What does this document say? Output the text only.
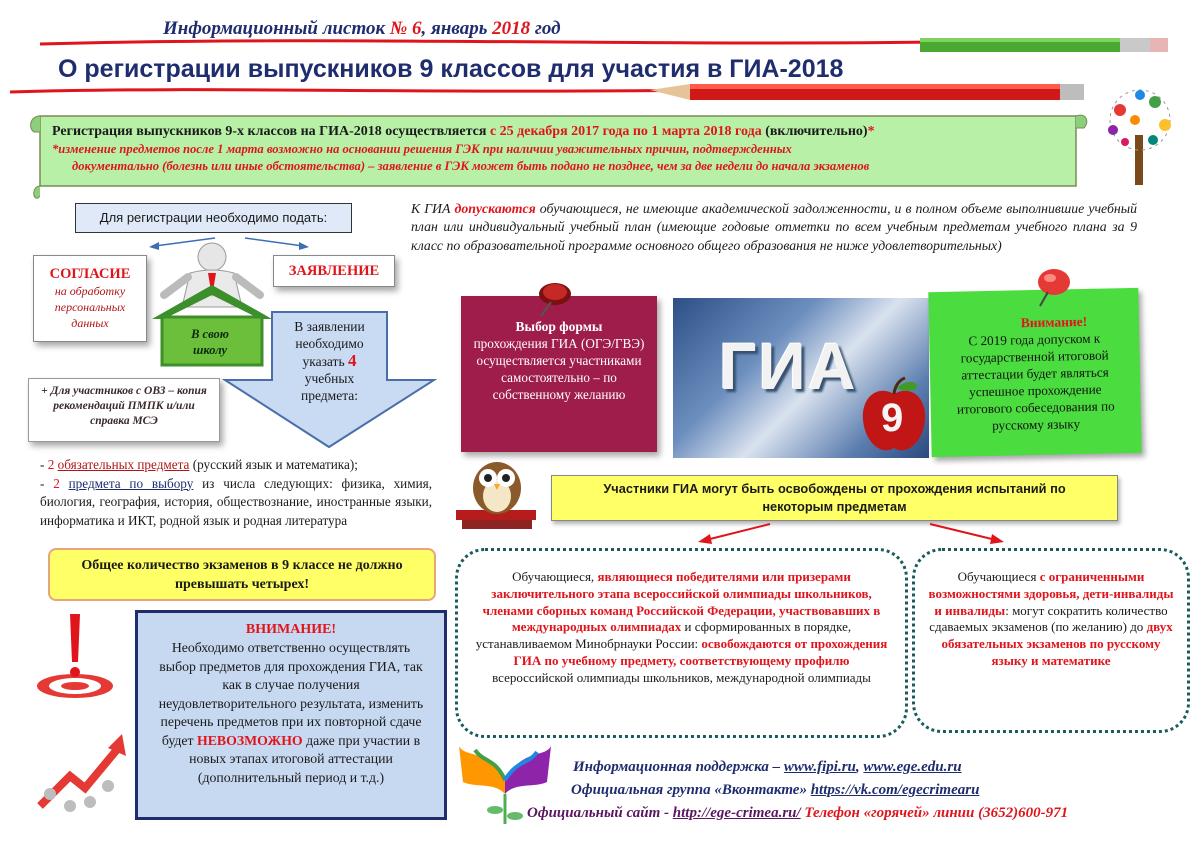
Информационный листок № 6, январь 2018 год
О регистрации выпускников 9 классов для участия в ГИА-2018
Регистрация выпускников 9-х классов на ГИА-2018 осуществляется с 25 декабря 2017 года по 1 марта 2018 года (включительно)*
*изменение предметов после 1 марта возможно на основании решения ГЭК при наличии уважительных причин, подтвержденных
документально (болезнь или иные обстоятельства) – заявление в ГЭК может быть подано не позднее, чем за две недели до начала экзаменов
Для регистрации необходимо подать:
СОГЛАСИЕ
на обработку персональных данных
ЗАЯВЛЕНИЕ
В свою школу
В заявлении необходимо указать 4 учебных предмета:
+ Для участников с ОВЗ – копия рекомендаций ПМПК и/или справка МСЭ
- 2 обязательных предмета (русский язык и математика);
- 2 предмета по выбору из числа следующих: физика, химия, биология, география, история, обществознание, иностранные языки, информатика и ИКТ, родной язык и родная литература
Общее количество экзаменов в 9 классе не должно превышать четырех!
ВНИМАНИЕ!
Необходимо ответственно осуществлять выбор предметов для прохождения ГИА, так как в случае получения неудовлетворительного результата, изменить перечень предметов при их повторной сдаче будет НЕВОЗМОЖНО даже при участии в новых этапах итоговой аттестации (дополнительный период и т.д.)
К ГИА допускаются обучающиеся, не имеющие академической задолженности, и в полном объеме выполнившие учебный план или индивидуальный учебный план (имеющие годовые отметки по всем учебным предметам учебного плана за 9 класс по образовательной программе основного общего образования не ниже удовлетворительных)
Выбор формы
прохождения ГИА (ОГЭ/ГВЭ) осуществляется участниками самостоятельно – по собственному желанию	ГИА
9
Внимание!
С 2019 года допуском к государственной итоговой аттестации будет являться успешное прохождение итогового собеседования по русскому языку
Участники ГИА могут быть освобождены от прохождения испытаний по некоторым предметам
Обучающиеся, являющиеся победителями или призерами заключительного этапа всероссийской олимпиады школьников, членами сборных команд Российской Федерации, участвовавших в международных олимпиадах и сформированных в порядке, устанавливаемом Минобрнауки России: освобождаются от прохождения ГИА по учебному предмету, соответствующему профилю всероссийской олимпиады школьников, международной олимпиады
Обучающиеся с ограниченными возможностями здоровья, дети-инвалиды и инвалиды: могут сократить количество сдаваемых экзаменов (по желанию) до двух обязательных экзаменов по русскому языку и математике
Информационная поддержка – www.fipi.ru, www.ege.edu.ru
Официальная группа «Вконтакте» https://vk.com/egecrimearu
Официальный сайт - http://ege-crimea.ru/ Телефон «горячей» линии (3652)600-971
